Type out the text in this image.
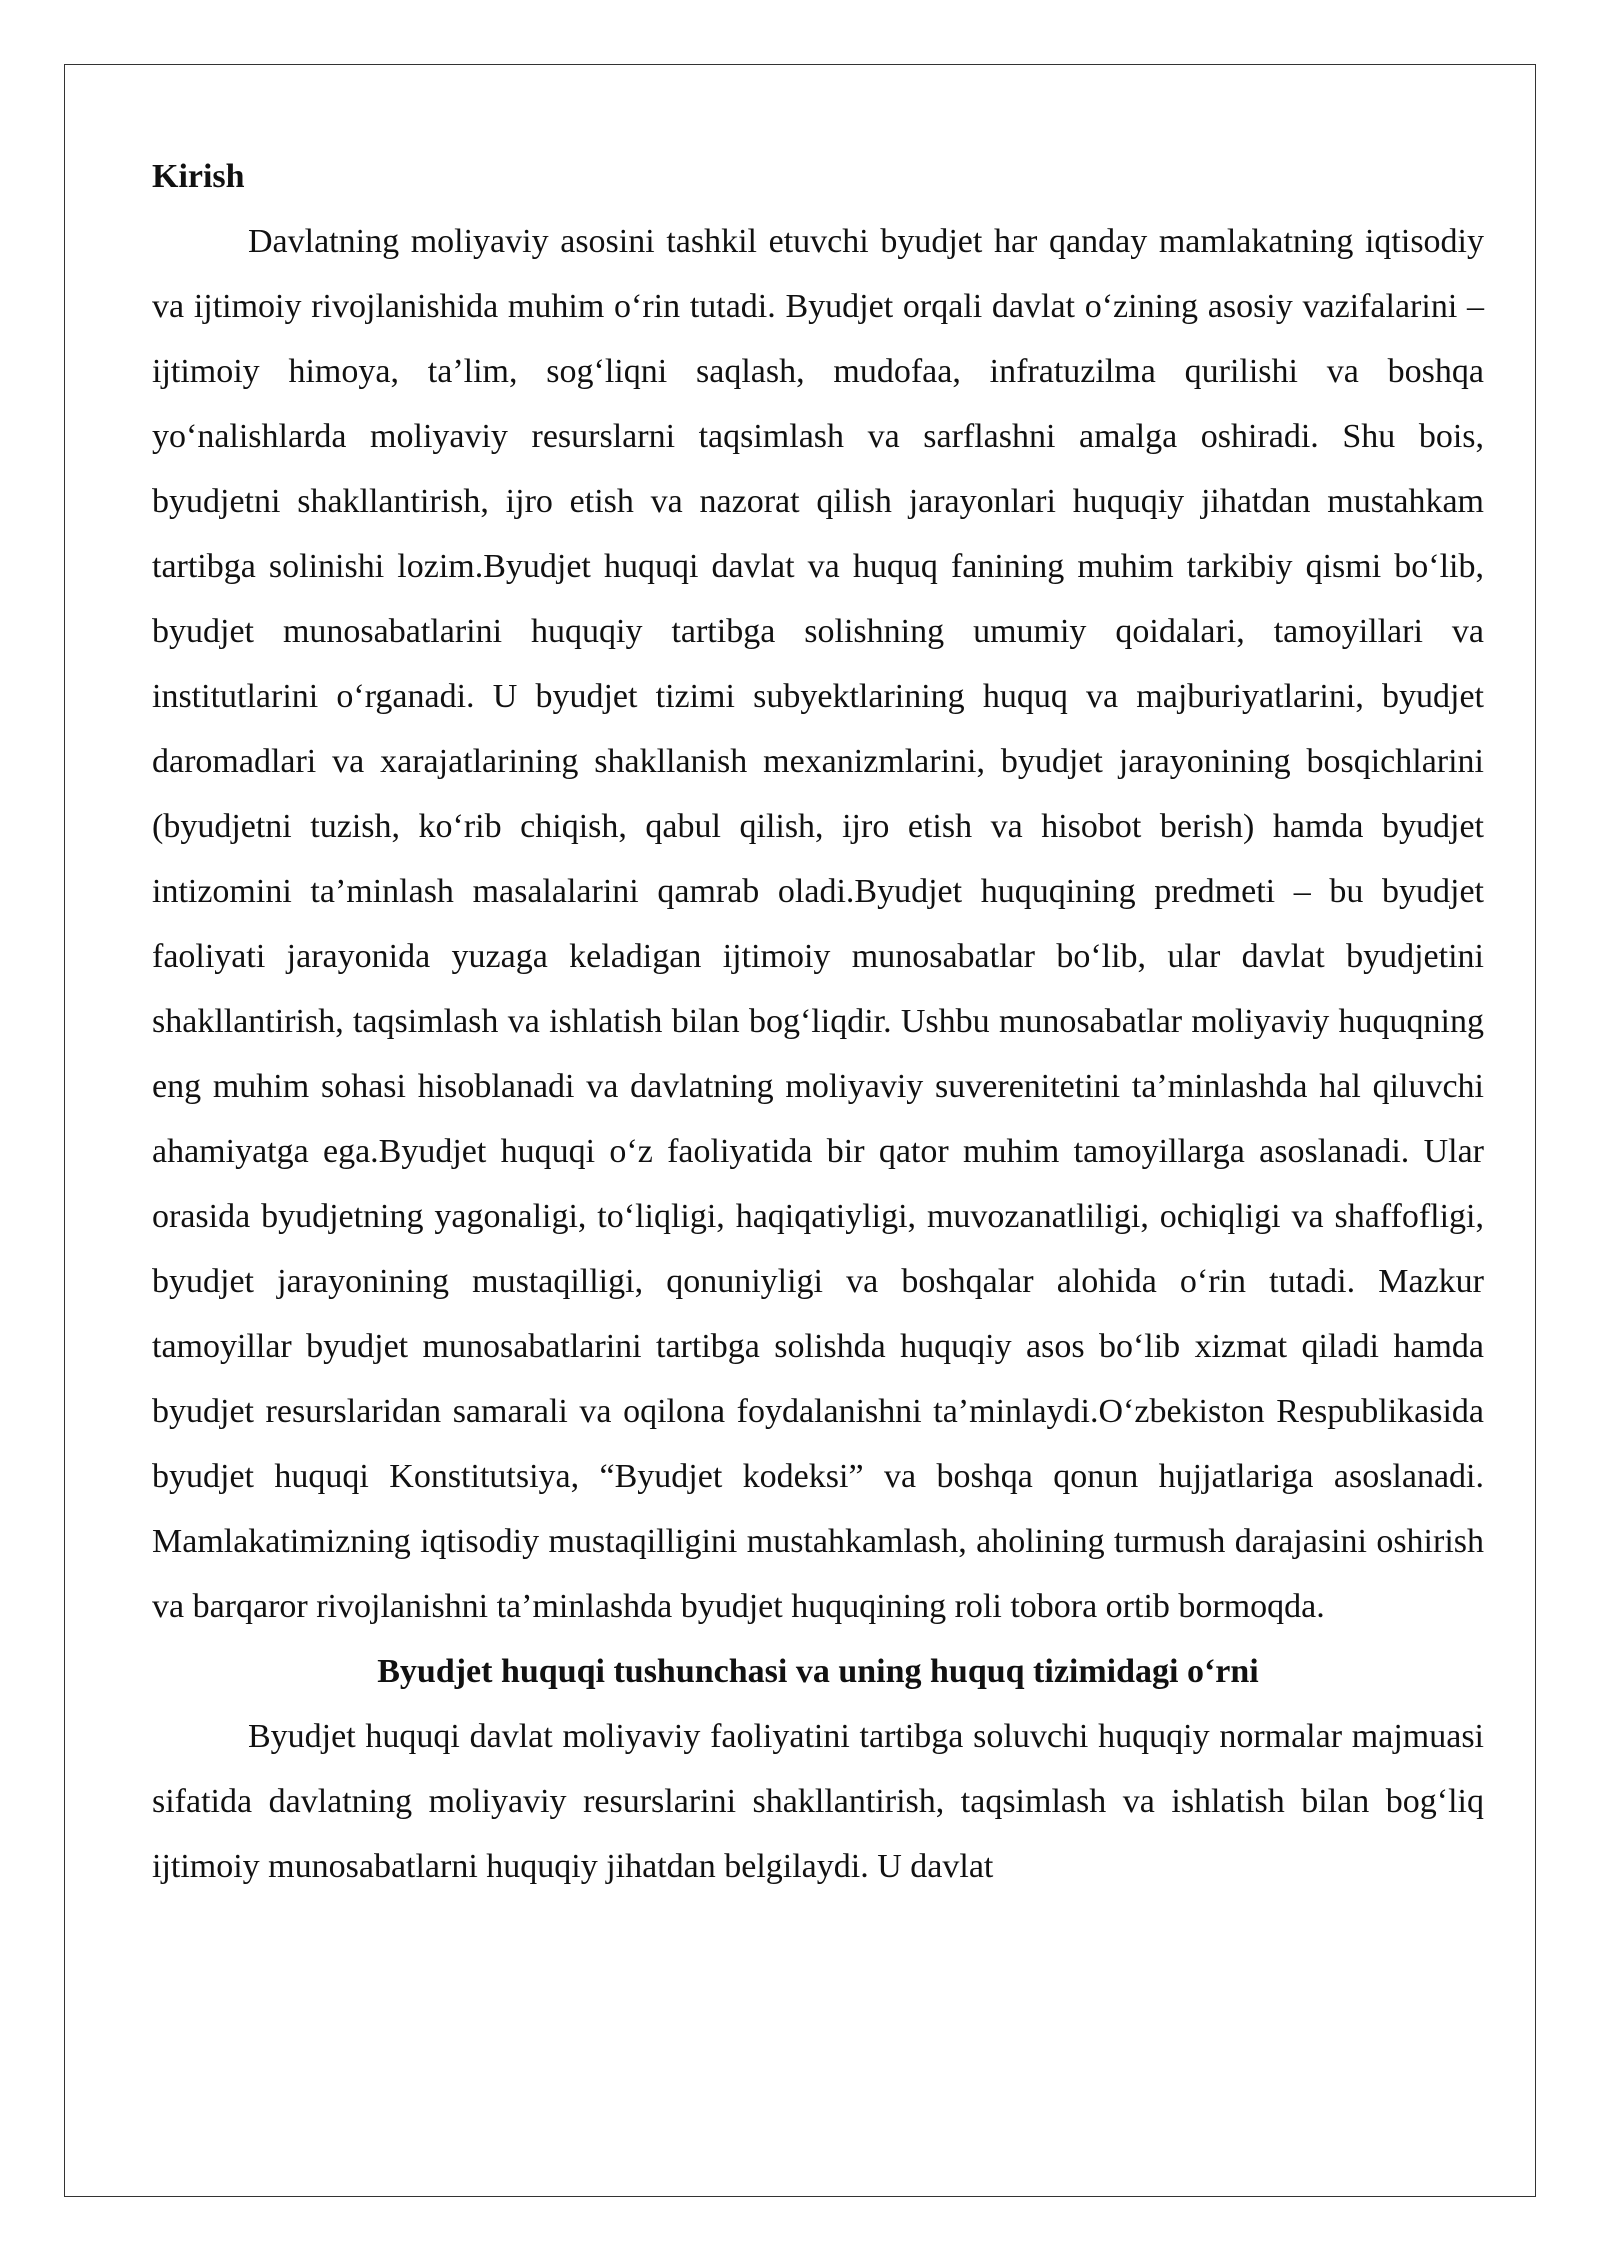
Kirish

Davlatning moliyaviy asosini tashkil etuvchi byudjet har qanday mamlakatning iqtisodiy va ijtimoiy rivojlanishida muhim o‘rin tutadi. Byudjet orqali davlat o‘zining asosiy vazifalarini – ijtimoiy himoya, ta’lim, sog‘liqni saqlash, mudofaa, infratuzilma qurilishi va boshqa yo‘nalishlarda moliyaviy resurslarni taqsimlash va sarflashni amalga oshiradi. Shu bois, byudjetni shakllantirish, ijro etish va nazorat qilish jarayonlari huquqiy jihatdan mustahkam tartibga solinishi lozim.Byudjet huquqi davlat va huquq fanining muhim tarkibiy qismi bo‘lib, byudjet munosabatlarini huquqiy tartibga solishning umumiy qoidalari, tamoyillari va institutlarini o‘rganadi. U byudjet tizimi subyektlarining huquq va majburiyatlarini, byudjet daromadlari va xarajatlarining shakllanish mexanizmlarini, byudjet jarayonining bosqichlarini (byudjetni tuzish, ko‘rib chiqish, qabul qilish, ijro etish va hisobot berish) hamda byudjet intizomini ta’minlash masalalarini qamrab oladi.Byudjet huquqining predmeti – bu byudjet faoliyati jarayonida yuzaga keladigan ijtimoiy munosabatlar bo‘lib, ular davlat byudjetini shakllantirish, taqsimlash va ishlatish bilan bog‘liqdir. Ushbu munosabatlar moliyaviy huquqning eng muhim sohasi hisoblanadi va davlatning moliyaviy suverenitetini ta’minlashda hal qiluvchi ahamiyatga ega.Byudjet huquqi o‘z faoliyatida bir qator muhim tamoyillarga asoslanadi. Ular orasida byudjetning yagonaligi, to‘liqligi, haqiqatiyligi, muvozanatliligi, ochiqligi va shaffofligi, byudjet jarayonining mustaqilligi, qonuniyligi va boshqalar alohida o‘rin tutadi. Mazkur tamoyillar byudjet munosabatlarini tartibga solishda huquqiy asos bo‘lib xizmat qiladi hamda byudjet resurslaridan samarali va oqilona foydalanishni ta’minlaydi.O‘zbekiston Respublikasida byudjet huquqi Konstitutsiya, “Byudjet kodeksi” va boshqa qonun hujjatlariga asoslanadi. Mamlakatimizning iqtisodiy mustaqilligini mustahkamlash, aholining turmush darajasini oshirish va barqaror rivojlanishni ta’minlashda byudjet huquqining roli tobora ortib bormoqda.

Byudjet huquqi tushunchasi va uning huquq tizimidagi o‘rni

Byudjet huquqi davlat moliyaviy faoliyatini tartibga soluvchi huquqiy normalar majmuasi sifatida davlatning moliyaviy resurslarini shakllantirish, taqsimlash va ishlatish bilan bog‘liq ijtimoiy munosabatlarni huquqiy jihatdan belgilaydi. U davlat
